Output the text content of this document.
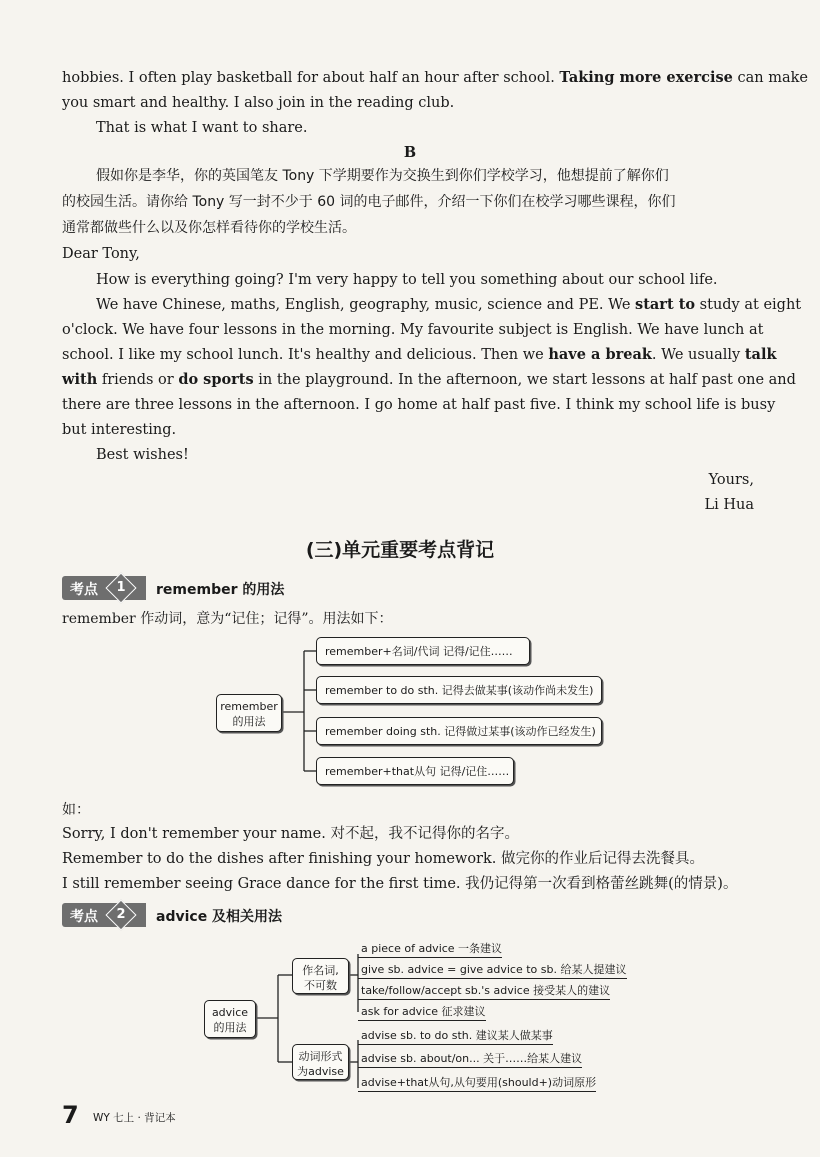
hobbies. I often play basketball for about half an hour after school. Taking more exercise can make
you smart and healthy. I also join in the reading club.
That is what I want to share.
B
假如你是李华，你的英国笔友 Tony 下学期要作为交换生到你们学校学习，他想提前了解你们
的校园生活。请你给 Tony 写一封不少于 60 词的电子邮件，介绍一下你们在校学习哪些课程，你们
通常都做些什么以及你怎样看待你的学校生活。
Dear Tony,
How is everything going? I'm very happy to tell you something about our school life.
We have Chinese, maths, English, geography, music, science and PE. We start to study at eight
o'clock. We have four lessons in the morning. My favourite subject is English. We have lunch at
school. I like my school lunch. It's healthy and delicious. Then we have a break. We usually talk
with friends or do sports in the playground. In the afternoon, we start lessons at half past one and
there are three lessons in the afternoon. I go home at half past five. I think my school life is busy
but interesting.
Best wishes!
Yours,
Li Hua
(三)单元重要考点背记
考点	1	remember 的用法
remember 作动词，意为“记住；记得”。用法如下：
remember
的用法
remember+名词/代词 记得/记住……
remember to do sth. 记得去做某事(该动作尚未发生)
remember doing sth. 记得做过某事(该动作已经发生)
remember+that从句 记得/记住……
如：
Sorry, I don't remember your name. 对不起，我不记得你的名字。
Remember to do the dishes after finishing your homework. 做完你的作业后记得去洗餐具。
I still remember seeing Grace dance for the first time. 我仍记得第一次看到格蕾丝跳舞(的情景)。
考点	2	advice 及相关用法
advice
的用法
作名词,
不可数
动词形式
为advise
a piece of advice 一条建议
give sb. advice = give advice to sb. 给某人提建议
take/follow/accept sb.'s advice 接受某人的建议
ask for advice 征求建议
advise sb. to do sth. 建议某人做某事
advise sb. about/on... 关于……给某人建议
advise+that从句,从句要用(should+)动词原形
7 WY 七上 · 背记本
